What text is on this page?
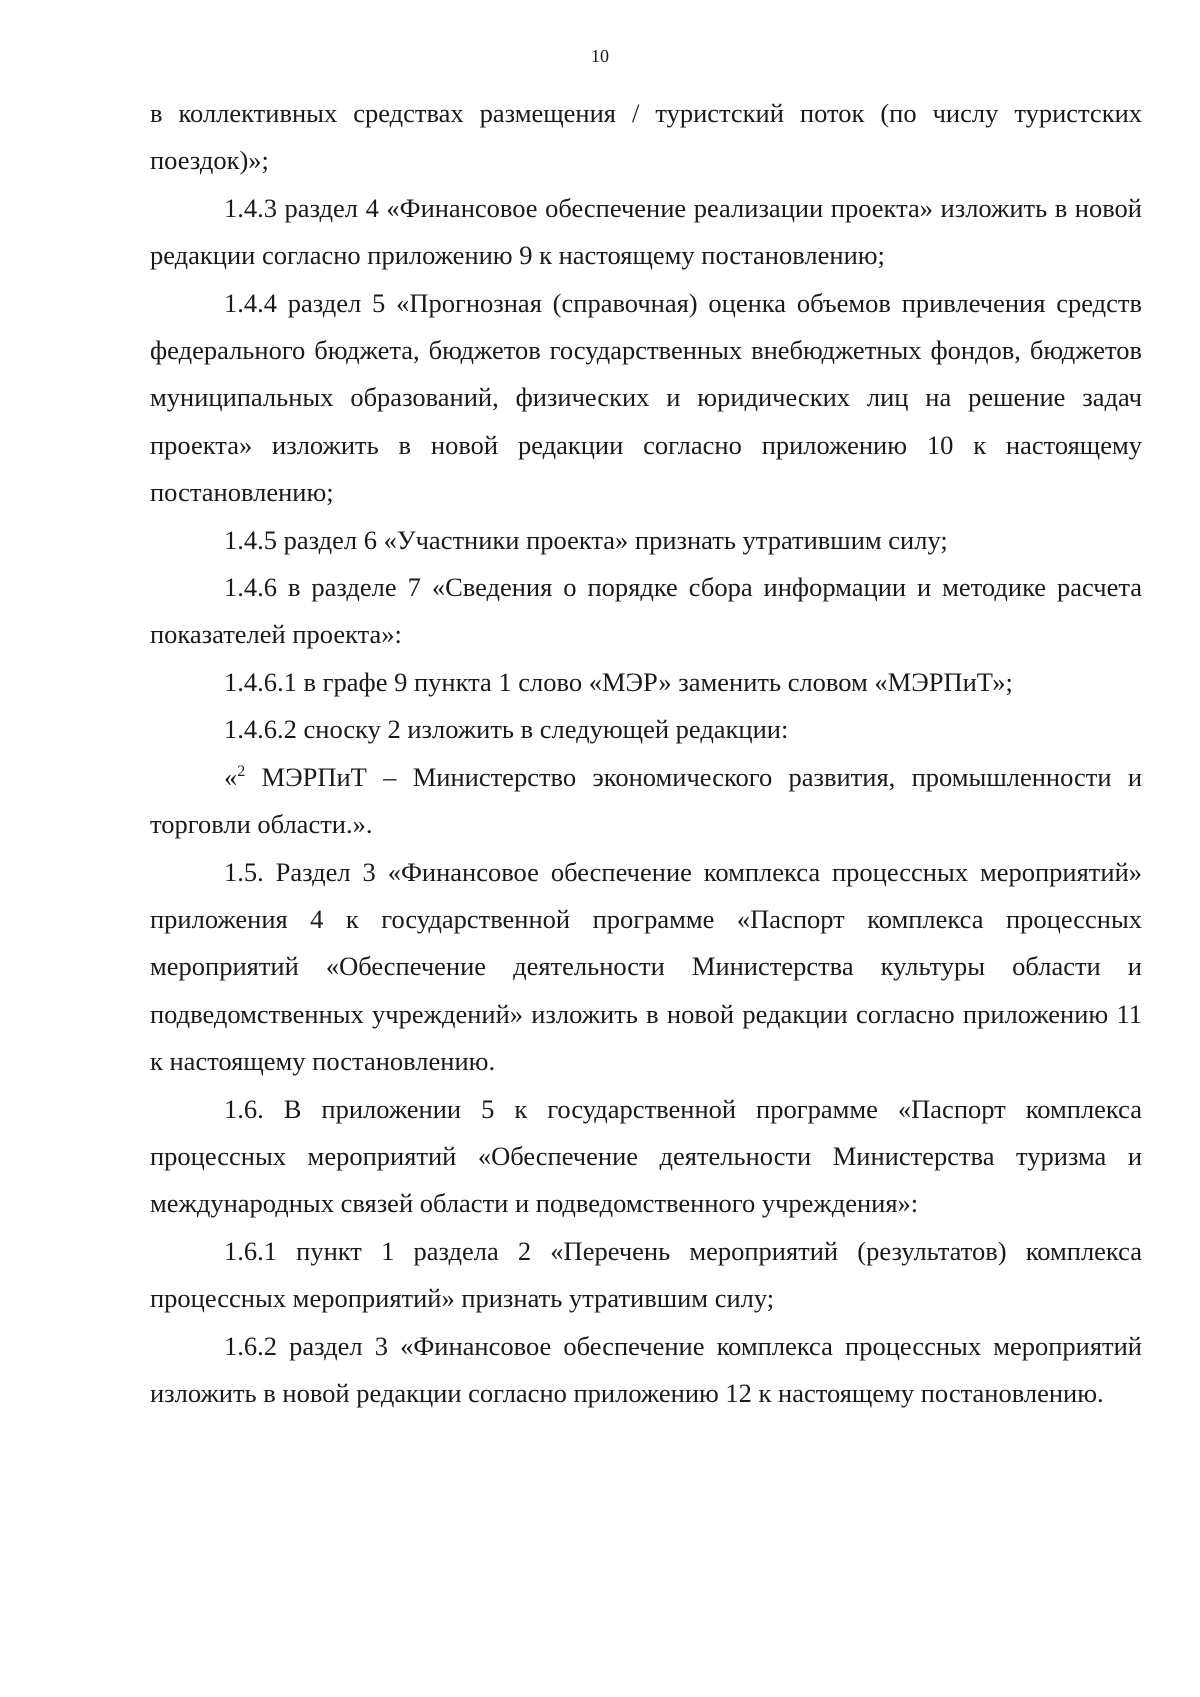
10

в коллективных средствах размещения / туристский поток (по числу туристских поездок)»;

1.4.3 раздел 4 «Финансовое обеспечение реализации проекта» изложить в новой редакции согласно приложению 9 к настоящему постановлению;

1.4.4 раздел 5 «Прогнозная (справочная) оценка объемов привлечения средств федерального бюджета, бюджетов государственных внебюджетных фондов, бюджетов муниципальных образований, физических и юридических лиц на решение задач проекта» изложить в новой редакции согласно приложению 10 к настоящему постановлению;

1.4.5 раздел 6 «Участники проекта» признать утратившим силу;

1.4.6 в разделе 7 «Сведения о порядке сбора информации и методике расчета показателей проекта»:

1.4.6.1 в графе 9 пункта 1 слово «МЭР» заменить словом «МЭРПиТ»;

1.4.6.2 сноску 2 изложить в следующей редакции:

«$^2$ МЭРПиТ – Министерство экономического развития, промышленности и торговли области.».

1.5. Раздел 3 «Финансовое обеспечение комплекса процессных мероприятий» приложения 4 к государственной программе «Паспорт комплекса процессных мероприятий «Обеспечение деятельности Министерства культуры области и подведомственных учреждений» изложить в новой редакции согласно приложению 11 к настоящему постановлению.

1.6. В приложении 5 к государственной программе «Паспорт комплекса процессных мероприятий «Обеспечение деятельности Министерства туризма и международных связей области и подведомственного учреждения»:

1.6.1 пункт 1 раздела 2 «Перечень мероприятий (результатов) комплекса процессных мероприятий» признать утратившим силу;

1.6.2 раздел 3 «Финансовое обеспечение комплекса процессных мероприятий изложить в новой редакции согласно приложению 12 к настоящему постановлению.
